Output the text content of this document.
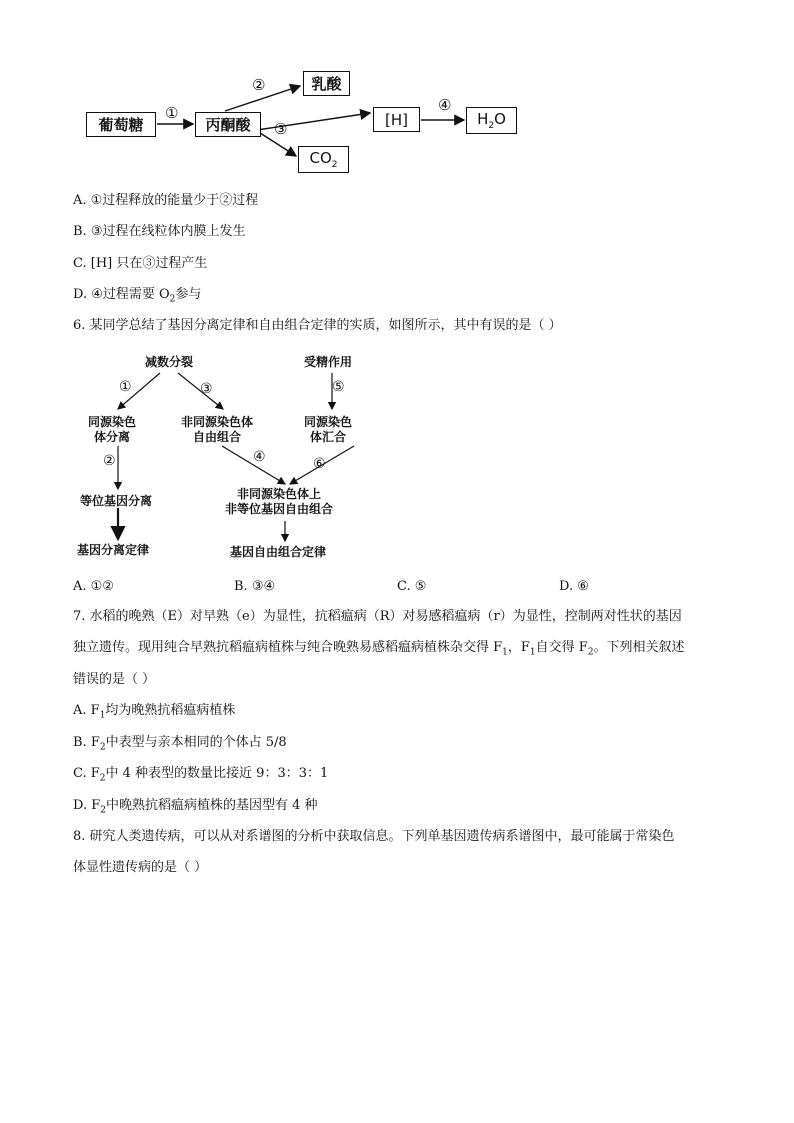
葡萄糖	丙酮酸
乳酸
[H]	$H_2O$
$CO_2$
①
②
③
④
A. ①过程释放的能量少于②过程
B. ③过程在线粒体内膜上发生
C. [H] 只在③过程产生
D. ④过程需要 $O_2$参与
6. 某同学总结了基因分离定律和自由组合定律的实质，如图所示，其中有误的是（ ）
减数分裂	受精作用
①	③	⑤
同源染色
体分离
非同源染色体
自由组合
同源染色
体汇合
②	④	⑥
等位基因分离	非同源染色体上
非等位基因自由组合
基因分离定律	基因自由组合定律
A. ①②	B. ③④	C. ⑤	D. ⑥
7. 水稻的晚熟（E）对早熟（e）为显性，抗稻瘟病（R）对易感稻瘟病（r）为显性，控制两对性状的基因
独立遗传。现用纯合早熟抗稻瘟病植株与纯合晚熟易感稻瘟病植株杂交得 $F_1$，$F_1$自交得 $F_2$。下列相关叙述
错误的是（ ）
A. $F_1$均为晚熟抗稻瘟病植株
B. $F_2$中表型与亲本相同的个体占 5/8
C. $F_2$中 4 种表型的数量比接近 9：3：3：1
D. $F_2$中晚熟抗稻瘟病植株的基因型有 4 种
8. 研究人类遗传病，可以从对系谱图的分析中获取信息。下列单基因遗传病系谱图中，最可能属于常染色
体显性遗传病的是（ ）
